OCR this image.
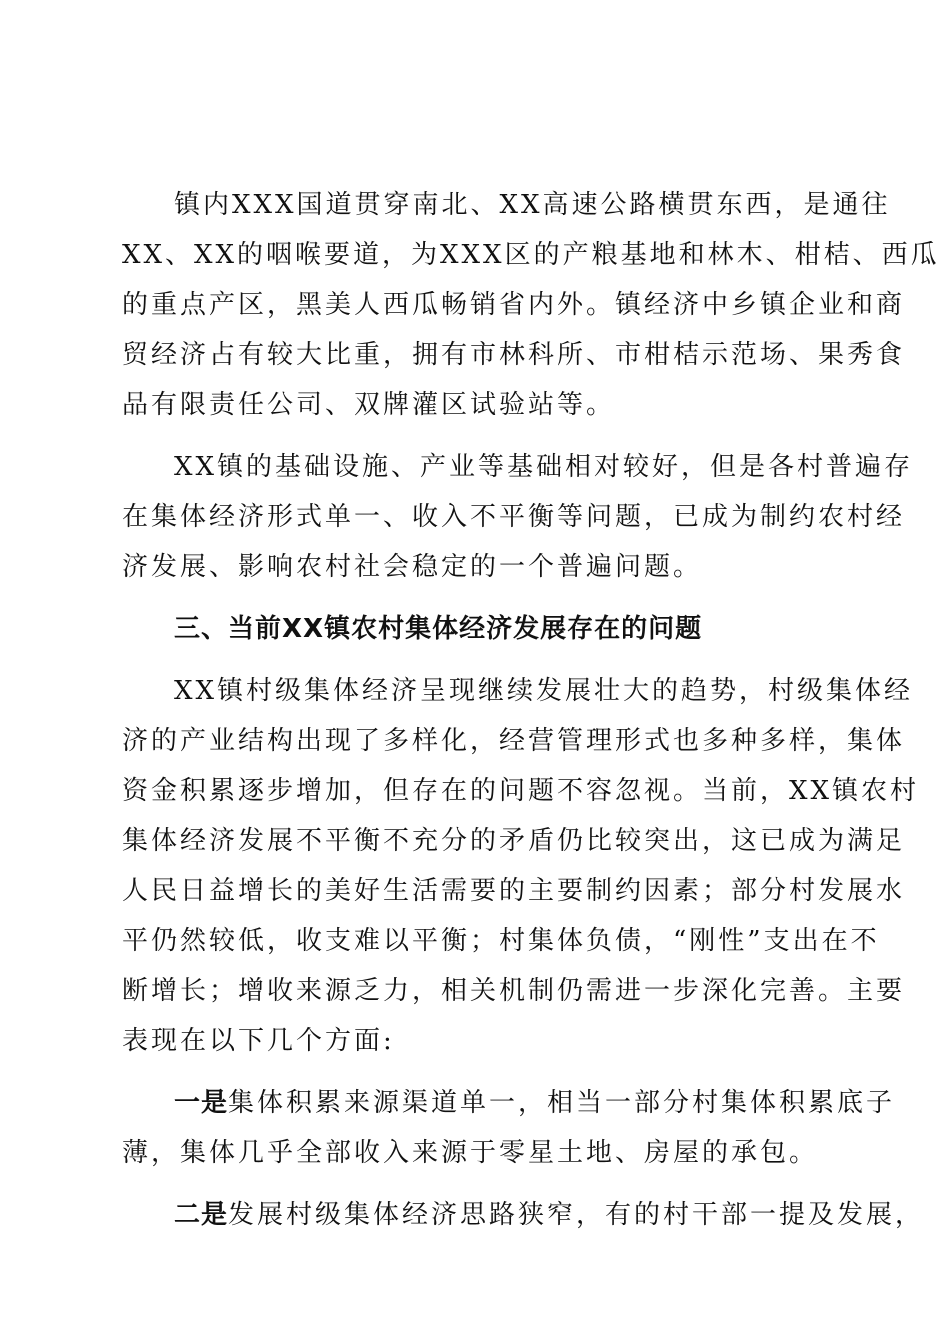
镇内XXX国道贯穿南北、XX高速公路横贯东西，是通往
XX、XX的咽喉要道，为XXX区的产粮基地和林木、柑桔、西瓜
的重点产区，黑美人西瓜畅销省内外。镇经济中乡镇企业和商
贸经济占有较大比重，拥有市林科所、市柑桔示范场、果秀食
品有限责任公司、双牌灌区试验站等。
XX镇的基础设施、产业等基础相对较好，但是各村普遍存
在集体经济形式单一、收入不平衡等问题，已成为制约农村经
济发展、影响农村社会稳定的一个普遍问题。
三、当前XX镇农村集体经济发展存在的问题
XX镇村级集体经济呈现继续发展壮大的趋势，村级集体经
济的产业结构出现了多样化，经营管理形式也多种多样，集体
资金积累逐步增加，但存在的问题不容忽视。当前，XX镇农村
集体经济发展不平衡不充分的矛盾仍比较突出，这已成为满足
人民日益增长的美好生活需要的主要制约因素；部分村发展水
平仍然较低，收支难以平衡；村集体负债，“刚性”支出在不
断增长；增收来源乏力，相关机制仍需进一步深化完善。主要
表现在以下几个方面:
一是集体积累来源渠道单一，相当一部分村集体积累底子
薄，集体几乎全部收入来源于零星土地、房屋的承包。
二是发展村级集体经济思路狭窄，有的村干部一提及发展，
